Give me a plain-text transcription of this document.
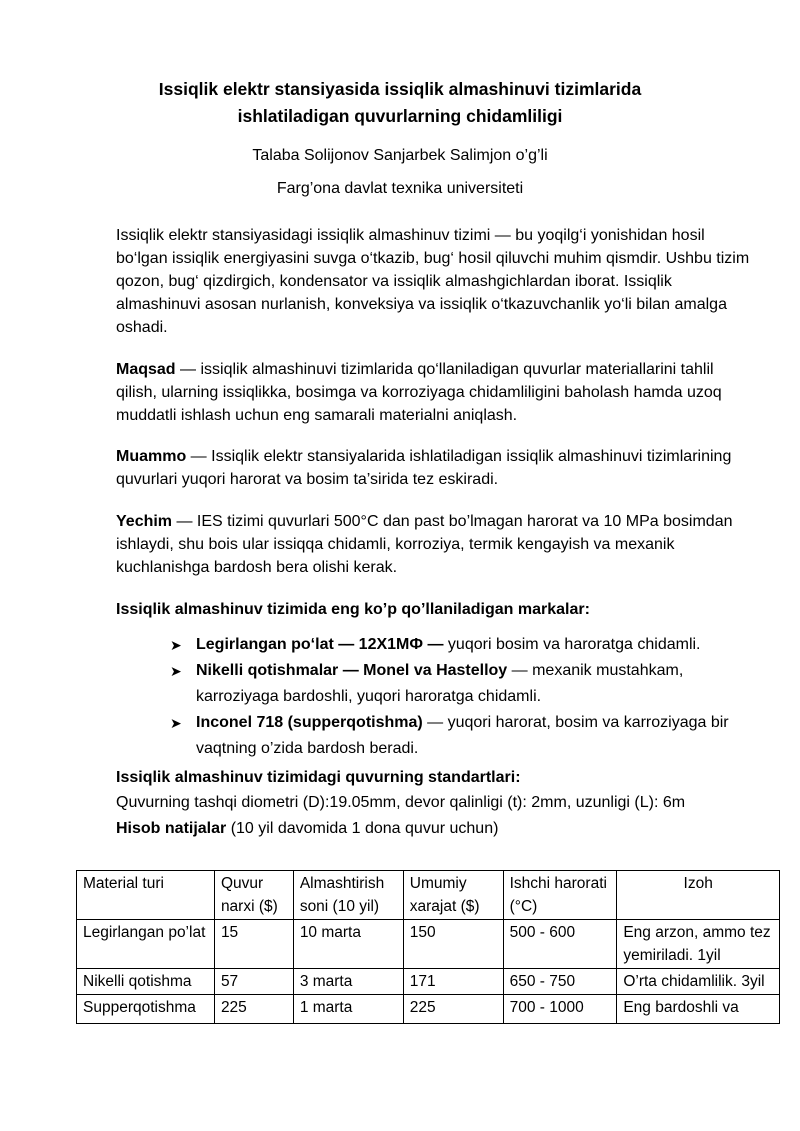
Issiqlik elektr stansiyasida issiqlik almashinuvi tizimlarida
ishlatiladigan quvurlarning chidamliligi
Talaba Solijonov Sanjarbek Salimjon o’g’li
Farg’ona davlat texnika universiteti
Issiqlik elektr stansiyasidagi issiqlik almashinuv tizimi — bu yoqilg‘i yonishidan hosil bo‘lgan issiqlik energiyasini suvga o‘tkazib, bug‘ hosil qiluvchi muhim qismdir. Ushbu tizim qozon, bug‘ qizdirgich, kondensator va issiqlik almashgichlardan iborat. Issiqlik almashinuvi asosan nurlanish, konveksiya va issiqlik o‘tkazuvchanlik yo‘li bilan amalga oshadi.
Maqsad — issiqlik almashinuvi tizimlarida qo‘llaniladigan quvurlar materiallarini tahlil qilish, ularning issiqlikka, bosimga va korroziyaga chidamliligini baholash hamda uzoq muddatli ishlash uchun eng samarali materialni aniqlash.
Muammo — Issiqlik elektr stansiyalarida ishlatiladigan issiqlik almashinuvi tizimlarining quvurlari yuqori harorat va bosim ta’sirida tez eskiradi.
Yechim — IES tizimi quvurlari 500°C dan past bo’lmagan harorat va 10 MPa bosimdan ishlaydi, shu bois ular issiqqa chidamli, korroziya, termik kengayish va mexanik kuchlanishga bardosh bera olishi kerak.
Issiqlik almashinuv tizimida eng ko’p qo’llaniladigan markalar:
➤ Legirlangan po‘lat — 12X1MФ — yuqori bosim va haroratga chidamli.
➤ Nikelli qotishmalar — Monel va Hastelloy — mexanik mustahkam, karroziyaga bardoshli, yuqori haroratga chidamli.
➤ Inconel 718 (supperqotishma) — yuqori harorat, bosim va karroziyaga bir vaqtning o’zida bardosh beradi.
Issiqlik almashinuv tizimidagi quvurning standartlari:
Quvurning tashqi diometri (D):19.05mm, devor qalinligi (t): 2mm, uzunligi (L): 6m
Hisob natijalar (10 yil davomida 1 dona quvur uchun)
Material turi	Quvur narxi ($)	Almashtirish soni (10 yil)	Umumiy xarajat ($)	Ishchi harorati (°C)	Izoh
Legirlangan po’lat	15	10 marta	150	500 - 600	Eng arzon, ammo tez yemiriladi. 1yil
Nikelli qotishma	57	3 marta	171	650 - 750	O’rta chidamlilik. 3yil
Supperqotishma	225	1 marta	225	700 - 1000	Eng bardoshli va
